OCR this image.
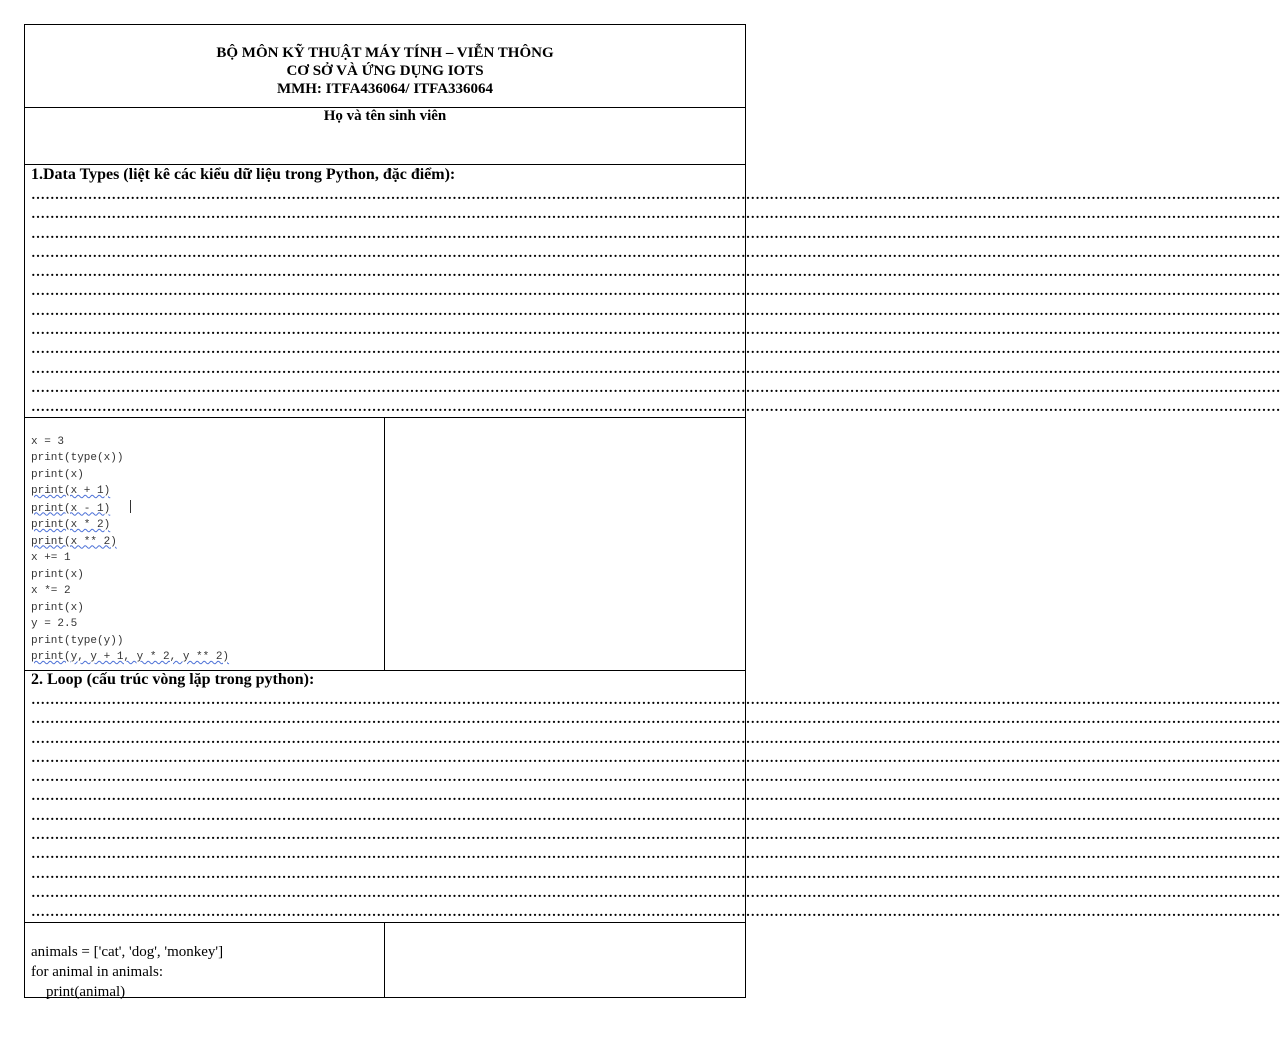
BỘ MÔN KỸ THUẬT MÁY TÍNH – VIỄN THÔNG
CƠ SỞ VÀ ỨNG DỤNG IOTS
MMH: ITFA436064/ ITFA336064
Họ và tên sinh viên
1.Data Types (liệt kê các kiểu dữ liệu trong Python, đặc điểm):
…………………………………………………………………………………………………………………………………………………………………………………………………………………………………………
…………………………………………………………………………………………………………………………………………………………………………………………………………………………………………
…………………………………………………………………………………………………………………………………………………………………………………………………………………………………………
…………………………………………………………………………………………………………………………………………………………………………………………………………………………………………
…………………………………………………………………………………………………………………………………………………………………………………………………………………………………………
…………………………………………………………………………………………………………………………………………………………………………………………………………………………………………
…………………………………………………………………………………………………………………………………………………………………………………………………………………………………………
…………………………………………………………………………………………………………………………………………………………………………………………………………………………………………
…………………………………………………………………………………………………………………………………………………………………………………………………………………………………………
…………………………………………………………………………………………………………………………………………………………………………………………………………………………………………
…………………………………………………………………………………………………………………………………………………………………………………………………………………………………………
…………………………………………………………………………………………………………………………………………………………………………………………………………………………………………

x = 3
print(type(x))
print(x)
print(x + 1)
print(x - 1)
print(x * 2)
print(x ** 2)
x += 1
print(x)
x *= 2
print(x)
y = 2.5
print(type(y))
print(y, y + 1, y * 2, y ** 2)

2. Loop (cấu trúc vòng lặp trong python):
…………………………………………………………………………………………………………………………………………………………………………………………………………………………………………
…………………………………………………………………………………………………………………………………………………………………………………………………………………………………………
…………………………………………………………………………………………………………………………………………………………………………………………………………………………………………
…………………………………………………………………………………………………………………………………………………………………………………………………………………………………………
…………………………………………………………………………………………………………………………………………………………………………………………………………………………………………
…………………………………………………………………………………………………………………………………………………………………………………………………………………………………………
…………………………………………………………………………………………………………………………………………………………………………………………………………………………………………
…………………………………………………………………………………………………………………………………………………………………………………………………………………………………………
…………………………………………………………………………………………………………………………………………………………………………………………………………………………………………
…………………………………………………………………………………………………………………………………………………………………………………………………………………………………………
…………………………………………………………………………………………………………………………………………………………………………………………………………………………………………
…………………………………………………………………………………………………………………………………………………………………………………………………………………………………………

animals = ['cat', 'dog', 'monkey']
for animal in animals:
print(animal)
